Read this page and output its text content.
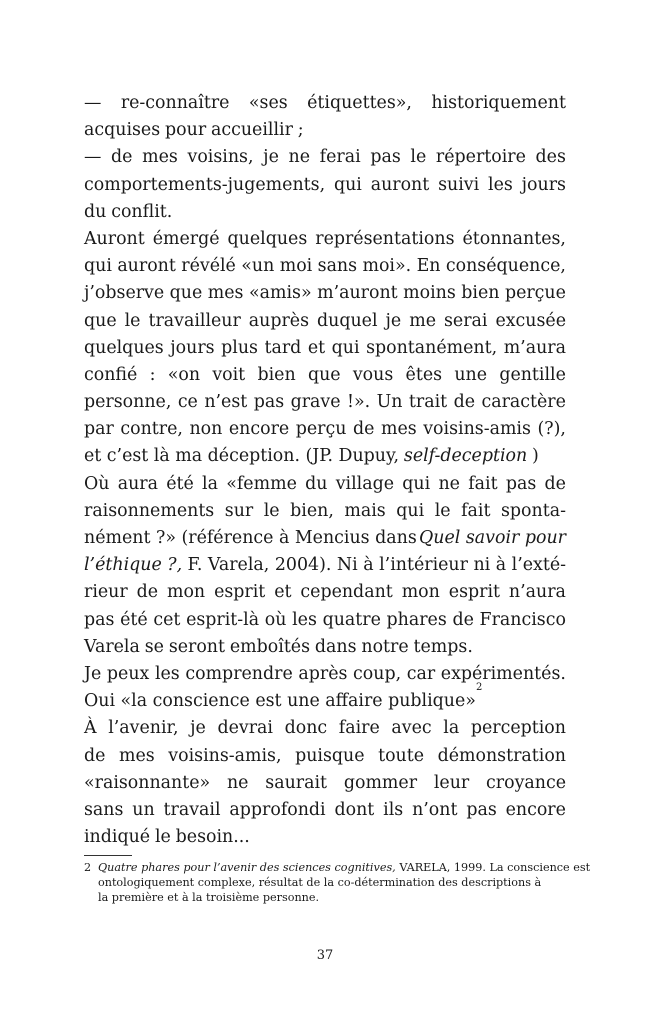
— re-connaître «ses étiquettes», historiquement
acquises pour accueillir ;
— de mes voisins, je ne ferai pas le répertoire des
comportements-jugements, qui auront suivi les jours
du conflit.
Auront émergé quelques représentations étonnantes,
qui auront révélé «un moi sans moi». En conséquence,
j’observe que mes «amis» m’auront moins bien perçue
que le travailleur auprès duquel je me serai excusée
quelques jours plus tard et qui spontanément, m’aura
confié : «on voit bien que vous êtes une gentille
personne, ce n’est pas grave !». Un trait de caractère
par contre, non encore perçu de mes voisins-amis (?),
et c’est là ma déception. (JP. Dupuy, self-deception )
Où aura été la «femme du village qui ne fait pas de
raisonnements sur le bien, mais qui le fait sponta-
nément ?» (référence à Mencius dans Quel savoir pour
l’éthique ?, F. Varela, 2004). Ni à l’intérieur ni à l’exté-
rieur de mon esprit et cependant mon esprit n’aura
pas été cet esprit-là où les quatre phares de Francisco
Varela se seront emboîtés dans notre temps.
Je peux les comprendre après coup, car expérimentés.
Oui «la conscience est une affaire publique»
2
À l’avenir, je devrai donc faire avec la perception
de mes voisins-amis, puisque toute démonstration
«raisonnante» ne saurait gommer leur croyance
sans un travail approfondi dont ils n’ont pas encore
indiqué le besoin...
2 Quatre phares pour l’avenir des sciences cognitives, VARELA, 1999. La conscience est
ontologiquement complexe, résultat de la co-détermination des descriptions à
la première et à la troisième personne.
37
